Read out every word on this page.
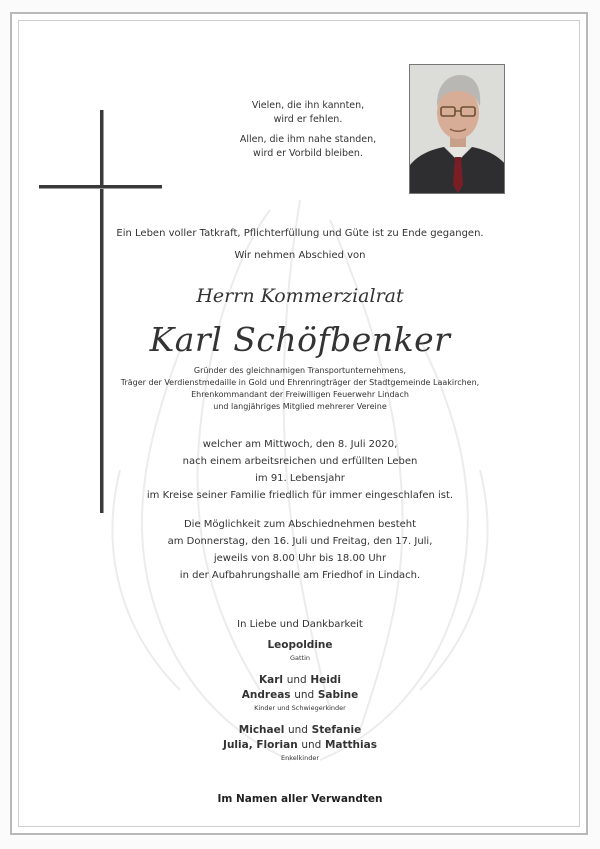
Vielen, die ihn kannten,
wird er fehlen.

Allen, die ihm nahe standen,
wird er Vorbild bleiben.

Ein Leben voller Tatkraft, Pflichterfüllung und Güte ist zu Ende gegangen.
Wir nehmen Abschied von
Herrn Kommerzialrat
Karl Schöfbenker
Gründer des gleichnamigen Transportunternehmens,
Träger der Verdienstmedaille in Gold und Ehrenringträger der Stadtgemeinde Laakirchen,
Ehrenkommandant der Freiwilligen Feuerwehr Lindach
und langjähriges Mitglied mehrerer Vereine
welcher am Mittwoch, den 8. Juli 2020,
nach einem arbeitsreichen und erfüllten Leben
im 91. Lebensjahr
im Kreise seiner Familie friedlich für immer eingeschlafen ist.
Die Möglichkeit zum Abschiednehmen besteht
am Donnerstag, den 16. Juli und Freitag, den 17. Juli,
jeweils von 8.00 Uhr bis 18.00 Uhr
in der Aufbahrungshalle am Friedhof in Lindach.
In Liebe und Dankbarkeit
Leopoldine
Gattin
Karl und Heidi
Andreas und Sabine
Kinder und Schwiegerkinder
Michael und Stefanie
Julia, Florian und Matthias
Enkelkinder
Im Namen aller Verwandten
